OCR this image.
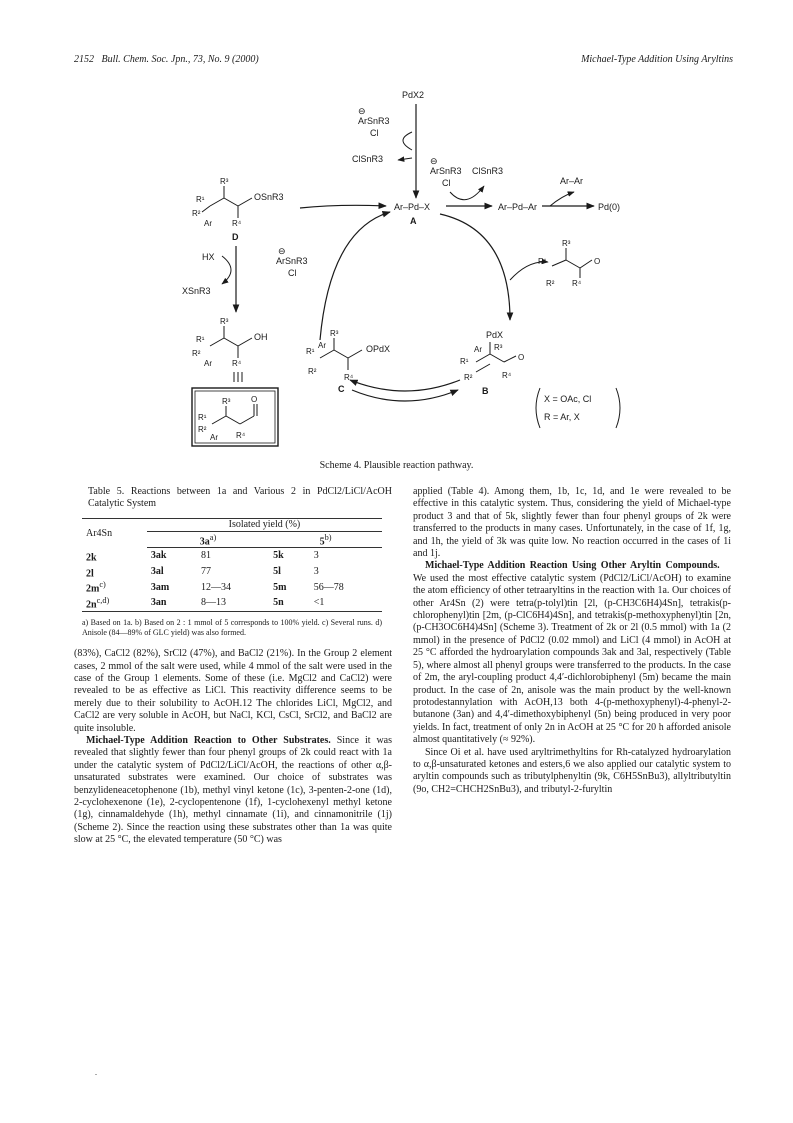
2152 Bull. Chem. Soc. Jpn., 73, No. 9 (2000)	Michael-Type Addition Using Aryltins
PdX2
ArSnR3
⊖
Cl
ClSnR3
Ar–Pd–X
A
⊖
ArSnR3
Cl
ClSnR3
Ar–Pd–Ar
Ar–Ar
Pd(0)
R³
R¹
R²
Ar	R⁴
OSnR3
D
HX
XSnR3
R³
R¹
R²
Ar	R⁴
OH
R³
R¹
R²
Ar R⁴
O
⊖
ArSnR3
Cl
R³
R¹
R² R⁴
O
PdX
Ar R³
R¹
R²
O
R⁴
B
R³
Ar
R¹
R²
R⁴
OPdX
C
X = OAc, Cl
R = Ar, X
Scheme 4. Plausible reaction pathway.
Table 5. Reactions between 1a and Various 2 in PdCl2/LiCl/AcOH Catalytic System
Ar4Sn	Isolated yield (%)			
	$3a^{a)}$		5$^{b)}$
2k	3ak	81	5k	3
2l	3al	77	5l	3
$2m^{c)}$	3am	12—34	5m	56—78
$2n^{c,d)}$	3an	8—13	5n	<1
a) Based on 1a. b) Based on 2 : 1 mmol of 5 corresponds to 100% yield. c) Several runs. d) Anisole (84—89% of GLC yield) was also formed.

(83%), CaCl2 (82%), SrCl2 (47%), and BaCl2 (21%). In the Group 2 element cases, 2 mmol of the salt were used, while 4 mmol of the salt were used in the case of the Group 1 elements. Some of these (i.e. MgCl2 and CaCl2) were revealed to be as effective as LiCl. This reactivity difference seems to be merely due to their solubility to AcOH.12 The chlorides LiCl, MgCl2, and CaCl2 are very soluble in AcOH, but NaCl, KCl, CsCl, SrCl2, and BaCl2 are quite insoluble.

Michael-Type Addition Reaction to Other Substrates. Since it was revealed that slightly fewer than four phenyl groups of 2k could react with 1a under the catalytic system of PdCl2/LiCl/AcOH, the reactions of other α,β-unsaturated substrates were examined. Our choice of substrates was benzylideneacetophenone (1b), methyl vinyl ketone (1c), 3-penten-2-one (1d), 2-cyclohexenone (1e), 2-cyclopentenone (1f), 1-cyclohexenyl methyl ketone (1g), cinnamaldehyde (1h), methyl cinnamate (1i), and cinnamonitrile (1j) (Scheme 2). Since the reaction using these substrates other than 1a was quite slow at 25 °C, the elevated temperature (50 °C) was

applied (Table 4). Among them, 1b, 1c, 1d, and 1e were revealed to be effective in this catalytic system. Thus, considering the yield of Michael-type product 3 and that of 5k, slightly fewer than four phenyl groups of 2k were transferred to the products in many cases. Unfortunately, in the case of 1f, 1g, and 1h, the yield of 3k was quite low. No reaction occurred in the cases of 1i and 1j.

Michael-Type Addition Reaction Using Other Aryltin Compounds.    We used the most effective catalytic system (PdCl2/LiCl/AcOH) to examine the atom efficiency of other tetraaryltins in the reaction with 1a. Our choices of other Ar4Sn (2) were tetra(p-tolyl)tin [2l, (p-CH3C6H4)4Sn], tetrakis(p-chlorophenyl)tin [2m, (p-ClC6H4)4Sn], and tetrakis(p-methoxyphenyl)tin [2n, (p-CH3OC6H4)4Sn] (Scheme 3). Treatment of 2k or 2l (0.5 mmol) with 1a (2 mmol) in the presence of PdCl2 (0.02 mmol) and LiCl (4 mmol) in AcOH at 25 °C afforded the hydroarylation compounds 3ak and 3al, respectively (Table 5), where almost all phenyl groups were transferred to the products. In the case of 2m, the aryl-coupling product 4,4′-dichlorobiphenyl (5m) became the main product. In the case of 2n, anisole was the main product by the well-known protodestannylation with AcOH,13 both 4-(p-methoxyphenyl)-4-phenyl-2-butanone (3an) and 4,4′-dimethoxybiphenyl (5n) being produced in very poor yields. In fact, treatment of only 2n in AcOH at 25 °C for 20 h afforded anisole almost quantitatively (≈ 92%).

Since Oi et al. have used aryltrimethyltins for Rh-catalyzed hydroarylation to α,β-unsaturated ketones and esters,6 we also applied our catalytic system to aryltin compounds such as tributylphenyltin (9k, C6H5SnBu3), allyltributyltin (9o, CH2=CHCH2SnBu3), and tributyl-2-furyltin

.
